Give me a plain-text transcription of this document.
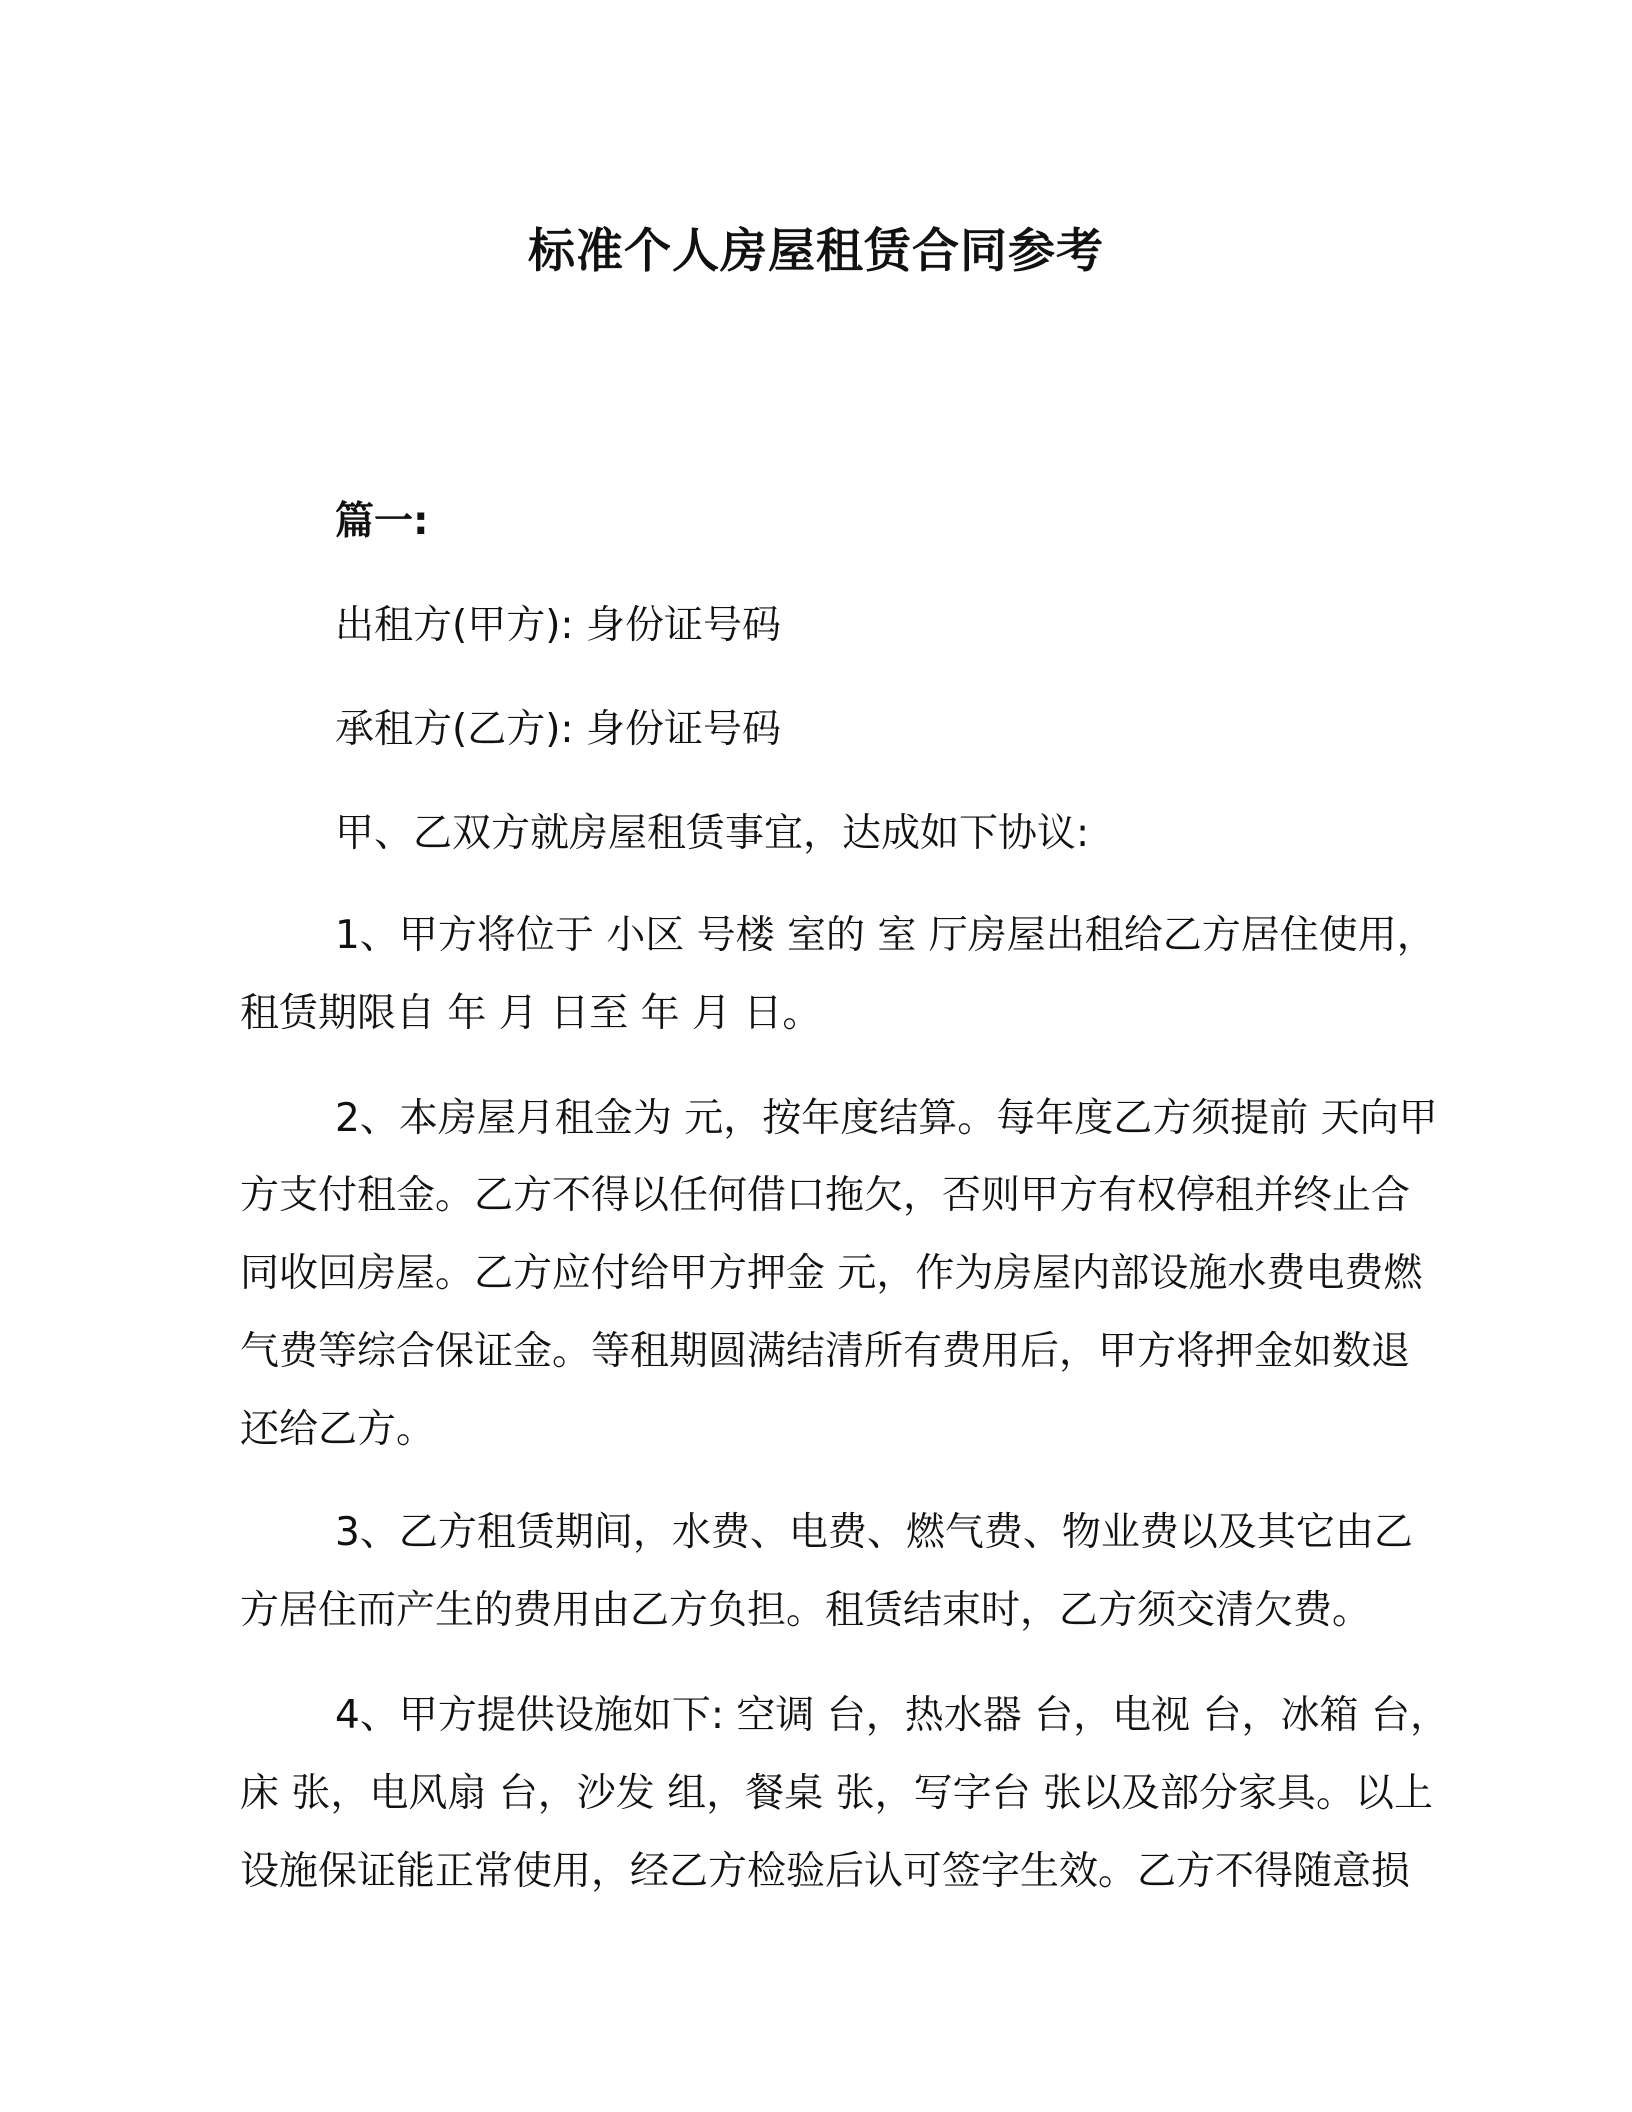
标准个人房屋租赁合同参考

篇一:

出租方(甲方): 身份证号码

承租方(乙方): 身份证号码

甲、乙双方就房屋租赁事宜，达成如下协议:

1、甲方将位于 小区 号楼 室的 室 厅房屋出租给乙方居住使用，

租赁期限自 年 月 日至 年 月 日。

2、本房屋月租金为 元，按年度结算。每年度乙方须提前 天向甲

方支付租金。乙方不得以任何借口拖欠，否则甲方有权停租并终止合

同收回房屋。乙方应付给甲方押金 元，作为房屋内部设施水费电费燃

气费等综合保证金。等租期圆满结清所有费用后，甲方将押金如数退

还给乙方。

3、乙方租赁期间，水费、电费、燃气费、物业费以及其它由乙

方居住而产生的费用由乙方负担。租赁结束时，乙方须交清欠费。

4、甲方提供设施如下: 空调 台，热水器 台，电视 台，冰箱 台，

床 张，电风扇 台，沙发 组，餐桌 张，写字台 张以及部分家具。以上

设施保证能正常使用，经乙方检验后认可签字生效。乙方不得随意损
